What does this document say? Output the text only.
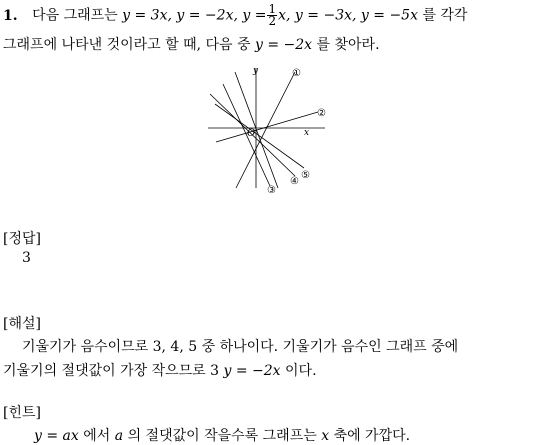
1. 다음 그래프는 y = 3x, y = −2x, $y = \frac{1}{2} x$, y = −3x, y = −5x 를 각각
그래프에 나타낸 것이라고 할 때, 다음 중 y = −2x 를 찾아라.
y
x
O
①
②
③
④
⑤
[정답]
3
[해설]
기울기가 음수이므로 3, 4, 5 중 하나이다. 기울기가 음수인 그래프 중에
기울기의 절댓값이 가장 작으므로 3 y = −2x 이다.
[힌트]
y = ax 에서 a 의 절댓값이 작을수록 그래프는 x 축에 가깝다.
